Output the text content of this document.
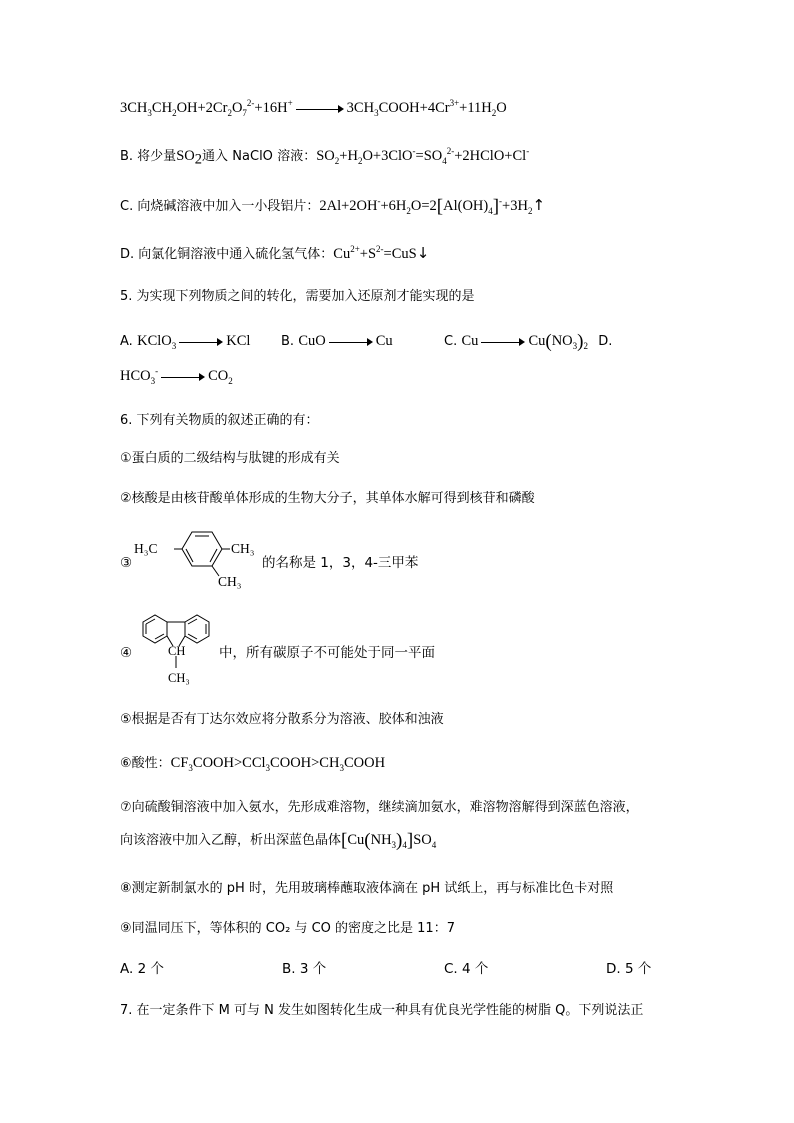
$3CH_3CH_2OH+2Cr_2O_7^{2-}+16H^+$	$3CH_3COOH+4Cr^{3+}+11H_2O$
B. 将少量$SO_2$通入 NaClO 溶液：$SO_2+H_2O+3ClO^-=SO_4^{2-}+2HClO+Cl^-$
C. 向烧碱溶液中加入一小段铝片：$2Al+2OH^-+6H_2O=2[Al(OH)_4]^-+3H_2↑$
D. 向氯化铜溶液中通入硫化氢气体：$Cu^{2+}+S^{2-}=CuS↓$
5. 为实现下列物质之间的转化，需要加入还原剂才能实现的是
A. KClO$_3$	KCl B. CuO	Cu	C. Cu	$Cu(NO_3)_2$ D.
$HCO_3^-$	$CO_2$
6. 下列有关物质的叙述正确的有：
①蛋白质的二级结构与肽键的形成有关
②核酸是由核苷酸单体形成的生物大分子，其单体水解可得到核苷和磷酸
③
H₃C	CH₃
CH₃
的名称是 1，3，4-三甲苯
④	CH
CH₃
中，所有碳原子不可能处于同一平面
⑤根据是否有丁达尔效应将分散系分为溶液、胶体和浊液
⑥酸性：$CF_3COOH>CCl_3COOH>CH_3COOH$
⑦向硫酸铜溶液中加入氨水，先形成难溶物，继续滴加氨水，难溶物溶解得到深蓝色溶液，
向该溶液中加入乙醇，析出深蓝色晶体$[Cu(NH_3)_4]SO_4$
⑧测定新制氯水的 pH 时，先用玻璃棒蘸取液体滴在 pH 试纸上，再与标准比色卡对照
⑨同温同压下，等体积的 CO₂ 与 CO 的密度之比是 11：7
A. 2 个	B. 3 个	C. 4 个	D. 5 个
7. 在一定条件下 M 可与 N 发生如图转化生成一种具有优良光学性能的树脂 Q。下列说法正
